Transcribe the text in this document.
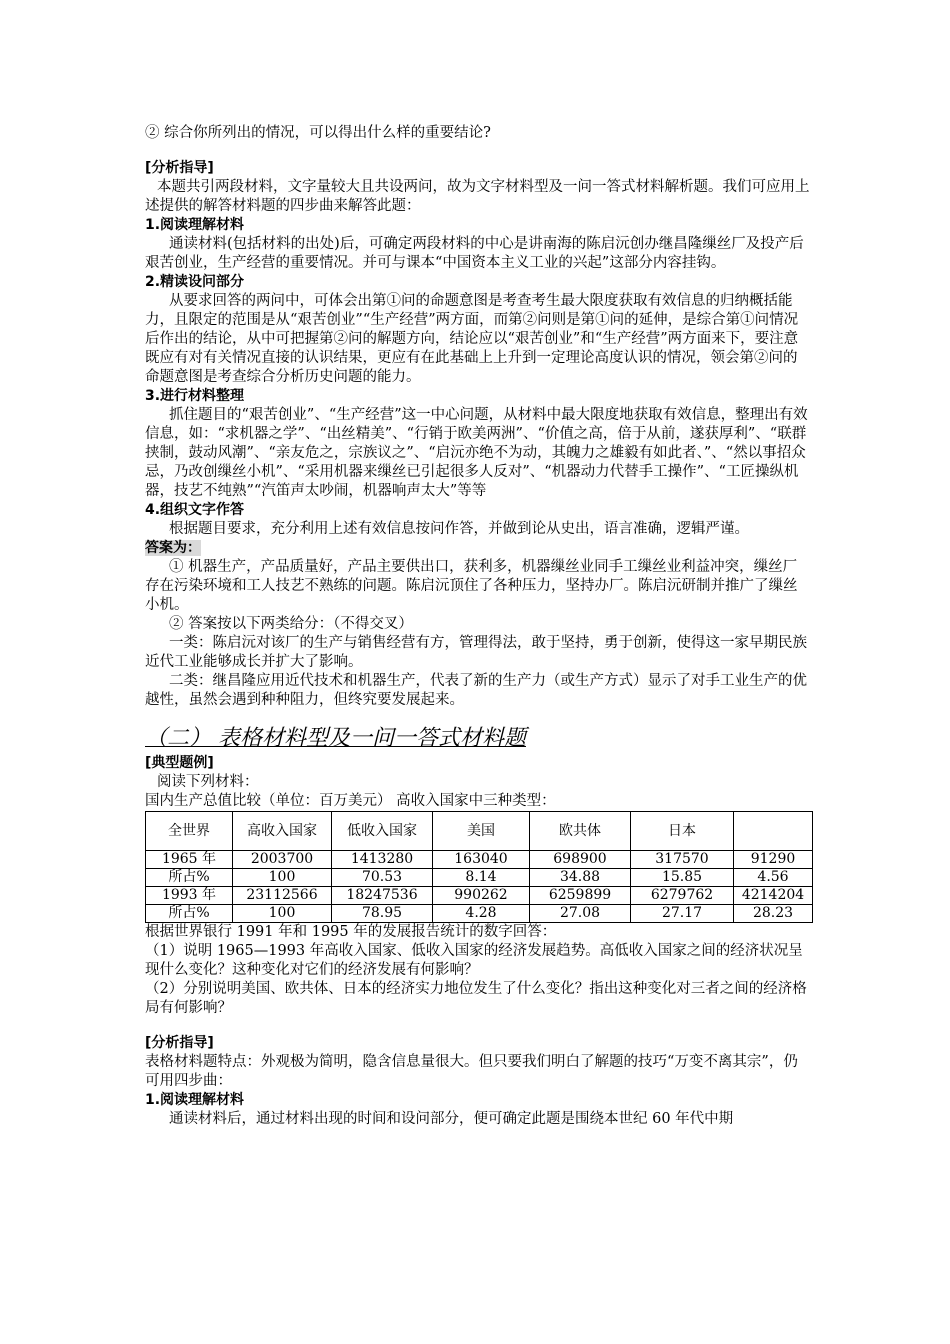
② 综合你所列出的情况，可以得出什么样的重要结论?

[分析指导]

本题共引两段材料，文字量较大且共设两问，故为文字材料型及一问一答式材料解析题。我们可应用上述提供的解答材料题的四步曲来解答此题：

1.阅读理解材料

通读材料(包括材料的出处)后，可确定两段材料的中心是讲南海的陈启沅创办继昌隆缫丝厂及投产后艰苦创业，生产经营的重要情况。并可与课本“中国资本主义工业的兴起”这部分内容挂钩。

2.精读设问部分

从要求回答的两问中，可体会出第①问的命题意图是考查考生最大限度获取有效信息的归纳概括能力，且限定的范围是从“艰苦创业”“生产经营”两方面，而第②问则是第①问的延伸，是综合第①问情况后作出的结论，从中可把握第②问的解题方向，结论应以“艰苦创业”和“生产经营”两方面来下，要注意既应有对有关情况直接的认识结果，更应有在此基础上上升到一定理论高度认识的情况，领会第②问的命题意图是考查综合分析历史问题的能力。

3.进行材料整理

抓住题目的“艰苦创业”、“生产经营”这一中心问题，从材料中最大限度地获取有效信息，整理出有效信息，如：“求机器之学”、“出丝精美”、“行销于欧美两洲”、“价值之高，倍于从前，遂获厚利”、“联群挟制，鼓动风潮”、“亲友危之，宗族议之”、“启沅亦绝不为动，其魄力之雄毅有如此者、”、“然以事招众忌，乃改创缫丝小机”、“采用机器来缫丝已引起很多人反对”、“机器动力代替手工操作”、“工匠操纵机器，技艺不纯熟”“汽笛声太吵闹，机器响声太大”等等

4.组织文字作答

根据题目要求，充分利用上述有效信息按问作答，并做到论从史出，语言准确，逻辑严谨。

答案为：

① 机器生产，产品质量好，产品主要供出口，获利多，机器缫丝业同手工缫丝业利益冲突，缫丝厂存在污染环境和工人技艺不熟练的问题。陈启沅顶住了各种压力，坚持办厂。陈启沅研制并推广了缫丝小机。

② 答案按以下两类给分：（不得交叉）

一类：陈启沅对该厂的生产与销售经营有方，管理得法，敢于坚持，勇于创新，使得这一家早期民族近代工业能够成长并扩大了影响。

二类：继昌隆应用近代技术和机器生产，代表了新的生产力（或生产方式）显示了对手工业生产的优越性，虽然会遇到种种阻力，但终究要发展起来。

（二） 表格材料型及一问一答式材料题

[典型题例]

阅读下列材料：

国内生产总值比较（单位：百万美元） 高收入国家中三种类型：

全世界	高收入国家	低收入国家	美国	欧共体	日本	
1965 年	2003700	1413280	163040	698900	317570	91290
所占%	100	70.53	8.14	34.88	15.85	4.56
1993 年	23112566	18247536	990262	6259899	6279762	4214204
所占%	100	78.95	4.28	27.08	27.17	28.23

根据世界银行 1991 年和 1995 年的发展报告统计的数字回答：

（1）说明 1965—1993 年高收入国家、低收入国家的经济发展趋势。高低收入国家之间的经济状况呈现什么变化？这种变化对它们的经济发展有何影响？

（2）分别说明美国、欧共体、日本的经济实力地位发生了什么变化？指出这种变化对三者之间的经济格局有何影响？

[分析指导]

表格材料题特点：外观极为简明，隐含信息量很大。但只要我们明白了解题的技巧“万变不离其宗”，仍可用四步曲：

1.阅读理解材料

通读材料后，通过材料出现的时间和设问部分，便可确定此题是围绕本世纪 60 年代中期
